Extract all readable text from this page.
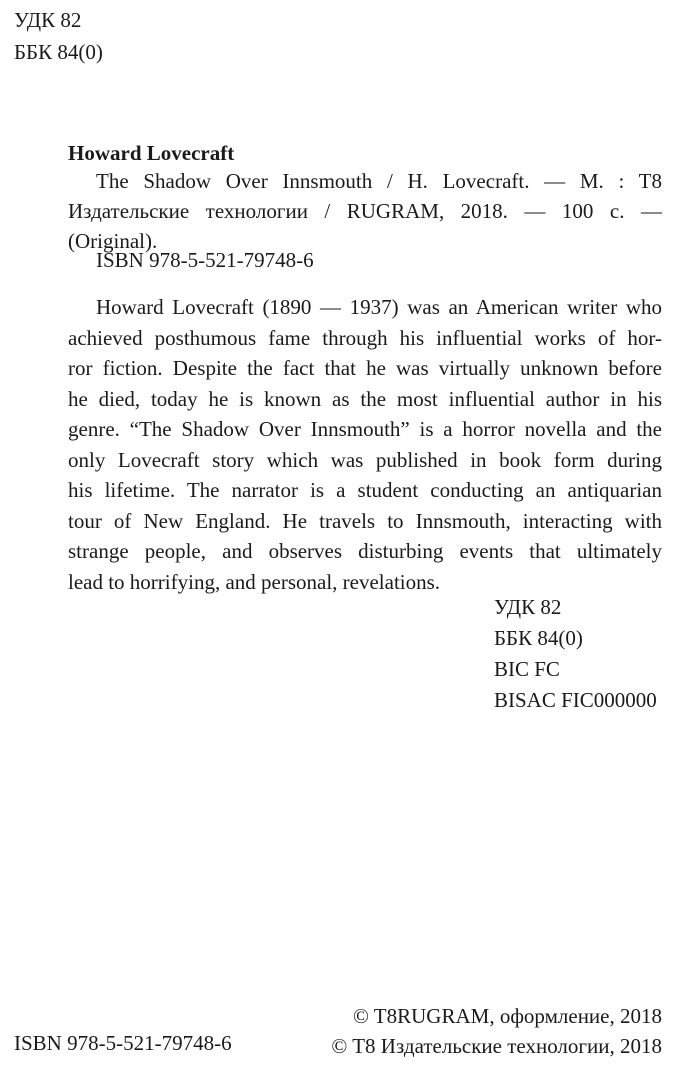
УДК 82
ББК 84(0)
Howard Lovecraft
The Shadow Over Innsmouth / H. Lovecraft. — M. : T8
Издательские технологии / RUGRAM, 2018. — 100 с. — (Original).
ISBN 978-5-521-79748-6
Howard Lovecraft (1890 — 1937) was an American writer who
achieved posthumous fame through his influential works of hor-
ror fiction. Despite the fact that he was virtually unknown before
he died, today he is known as the most influential author in his
genre. “The Shadow Over Innsmouth” is a horror novella and the
only Lovecraft story which was published in book form during
his lifetime. The narrator is a student conducting an antiquarian
tour of New England. He travels to Innsmouth, interacting with
strange people, and observes disturbing events that ultimately
lead to horrifying, and personal, revelations.
УДК 82
ББК 84(0)
BIC FC
BISAC FIC000000
ISBN 978-5-521-79748-6
© T8RUGRAM, оформление, 2018
© T8 Издательские технологии, 2018
